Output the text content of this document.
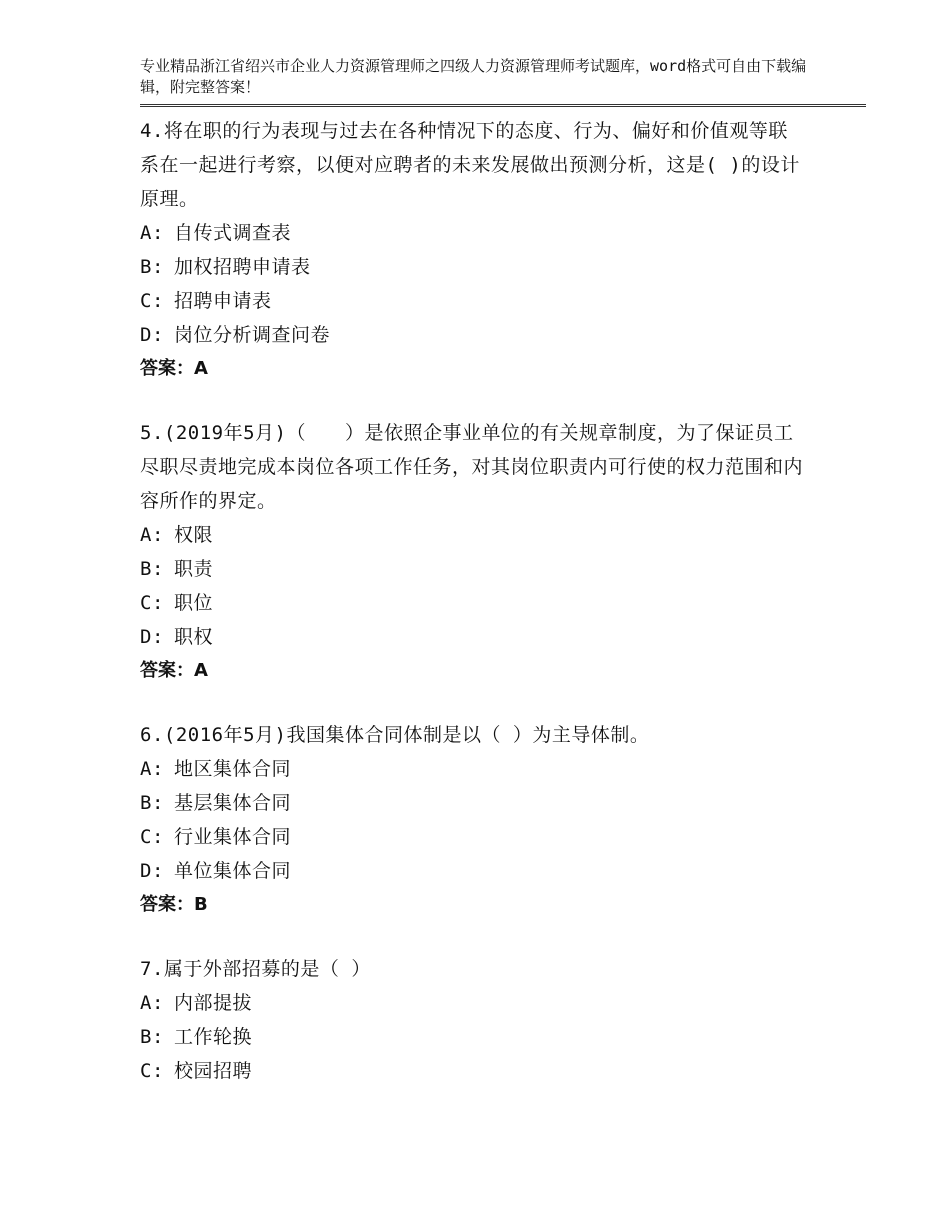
专业精品浙江省绍兴市企业人力资源管理师之四级人力资源管理师考试题库，word格式可自由下载编辑，附完整答案！
4.将在职的行为表现与过去在各种情况下的态度、行为、偏好和价值观等联系在一起进行考察，以便对应聘者的未来发展做出预测分析，这是( )的设计原理。
A: 自传式调查表
B: 加权招聘申请表
C: 招聘申请表
D: 岗位分析调查问卷
答案：A
5.(2019年5月)（　　）是依照企事业单位的有关规章制度，为了保证员工尽职尽责地完成本岗位各项工作任务，对其岗位职责内可行使的权力范围和内容所作的界定。
A: 权限
B: 职责
C: 职位
D: 职权
答案：A
6.(2016年5月)我国集体合同体制是以（ ）为主导体制。
A: 地区集体合同
B: 基层集体合同
C: 行业集体合同
D: 单位集体合同
答案：B
7.属于外部招募的是（ ）
A: 内部提拔
B: 工作轮换
C: 校园招聘
